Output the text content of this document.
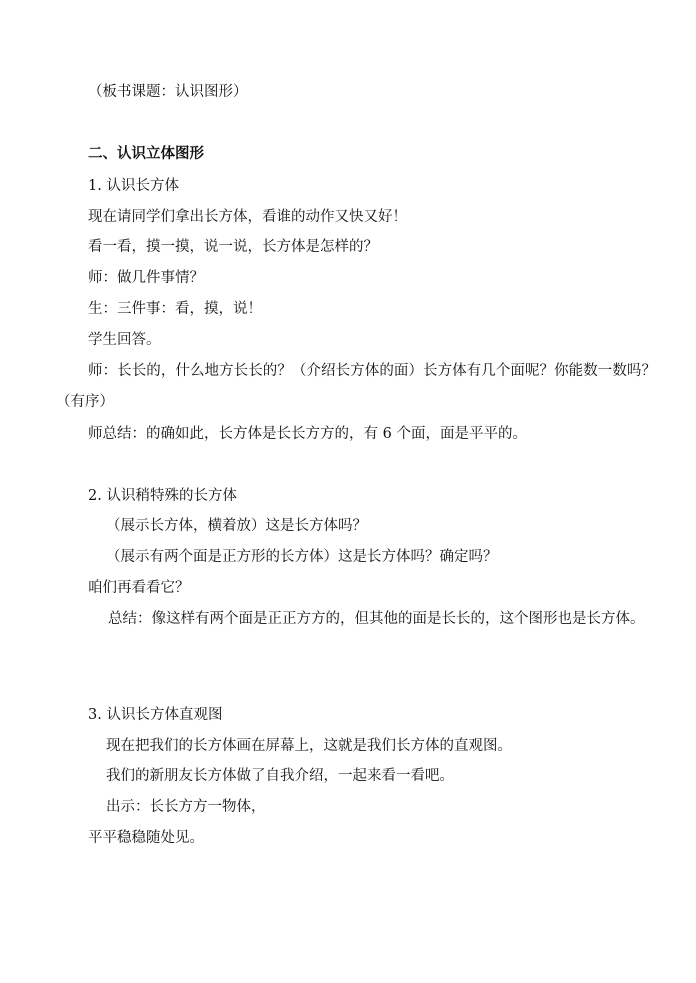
（板书课题：认识图形）
二、认识立体图形
1. 认识长方体
现在请同学们拿出长方体，看谁的动作又快又好！
看一看，摸一摸，说一说，长方体是怎样的？
师：做几件事情？
生：三件事：看，摸，说！
学生回答。
师：长长的，什么地方长长的？（介绍长方体的面）长方体有几个面呢？你能数一数吗？（有序）
师总结：的确如此，长方体是长长方方的，有 6 个面，面是平平的。
2. 认识稍特殊的长方体
（展示长方体，横着放）这是长方体吗？
（展示有两个面是正方形的长方体）这是长方体吗？确定吗？
咱们再看看它？
总结：像这样有两个面是正正方方的，但其他的面是长长的，这个图形也是长方体。
3. 认识长方体直观图
现在把我们的长方体画在屏幕上，这就是我们长方体的直观图。
我们的新朋友长方体做了自我介绍，一起来看一看吧。
出示：长长方方一物体，
平平稳稳随处见。
